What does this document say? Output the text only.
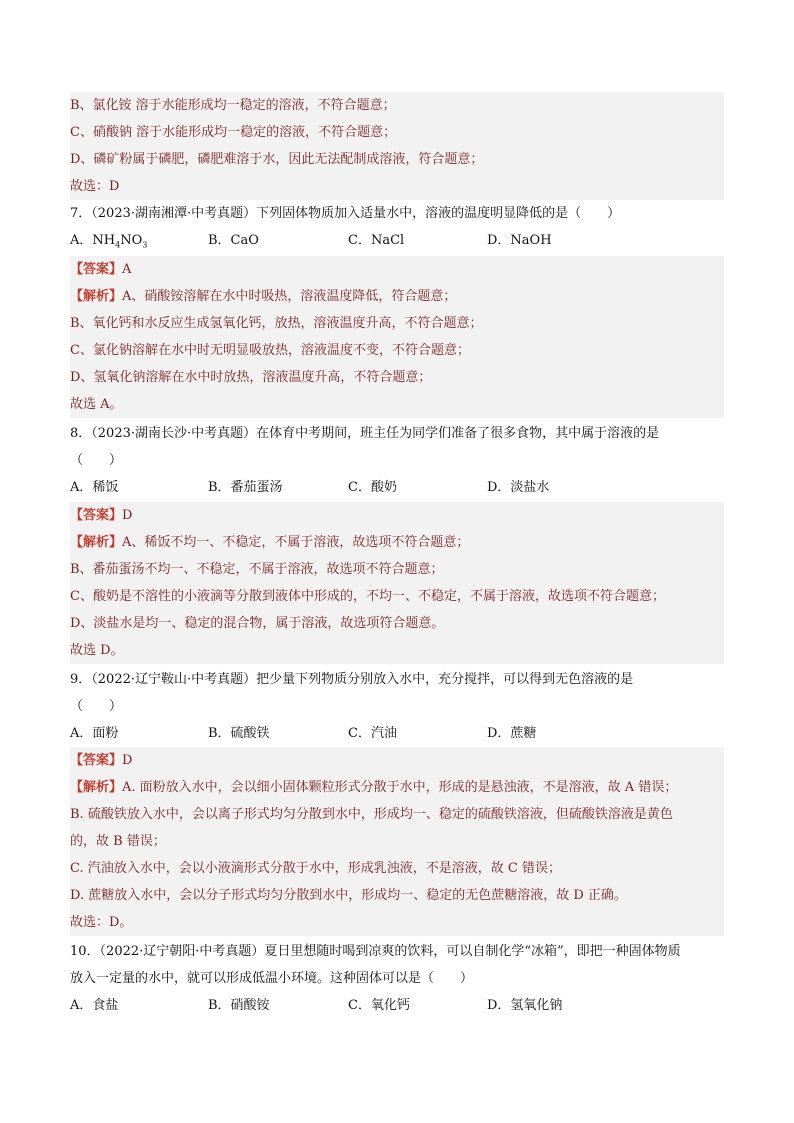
B、氯化铵 溶于水能形成均一稳定的溶液，不符合题意；
C、硝酸钠 溶于水能形成均一稳定的溶液，不符合题意；
D、磷矿粉属于磷肥，磷肥难溶于水，因此无法配制成溶液，符合题意；
故选：D
7．（2023·湖南湘潭·中考真题）下列固体物质加入适量水中，溶液的温度明显降低的是（　　）
A．$NH_4NO_3$	B．CaO	C．NaCl	D．NaOH
【答案】A
【解析】A、硝酸铵溶解在水中时吸热，溶液温度降低，符合题意；
B、氧化钙和水反应生成氢氧化钙，放热，溶液温度升高，不符合题意；
C、氯化钠溶解在水中时无明显吸放热，溶液温度不变，不符合题意；
D、氢氧化钠溶解在水中时放热，溶液温度升高，不符合题意；
故选 A。
8．（2023·湖南长沙·中考真题）在体育中考期间，班主任为同学们准备了很多食物，其中属于溶液的是
（　　）
A．稀饭	B．番茄蛋汤	C．酸奶	D．淡盐水
【答案】D
【解析】A、稀饭不均一、不稳定，不属于溶液，故选项不符合题意；
B、番茄蛋汤不均一、不稳定，不属于溶液，故选项不符合题意；
C、酸奶是不溶性的小液滴等分散到液体中形成的，不均一、不稳定，不属于溶液，故选项不符合题意；
D、淡盐水是均一、稳定的混合物，属于溶液，故选项符合题意。
故选 D。
9．（2022·辽宁鞍山·中考真题）把少量下列物质分别放入水中，充分搅拌，可以得到无色溶液的是
（　　）
A．面粉	B．硫酸铁	C．汽油	D．蔗糖
【答案】D
【解析】A. 面粉放入水中，会以细小固体颗粒形式分散于水中，形成的是悬浊液，不是溶液，故 A 错误；
B. 硫酸铁放入水中，会以离子形式均匀分散到水中，形成均一、稳定的硫酸铁溶液，但硫酸铁溶液是黄色
的，故 B 错误；
C. 汽油放入水中，会以小液滴形式分散于水中，形成乳浊液，不是溶液，故 C 错误；
D. 蔗糖放入水中，会以分子形式均匀分散到水中，形成均一、稳定的无色蔗糖溶液，故 D 正确。
故选：D。
10．（2022·辽宁朝阳·中考真题）夏日里想随时喝到凉爽的饮料，可以自制化学“冰箱”，即把一种固体物质
放入一定量的水中，就可以形成低温小环境。这种固体可以是（　　）
A．食盐	B．硝酸铵	C．氧化钙	D．氢氧化钠
